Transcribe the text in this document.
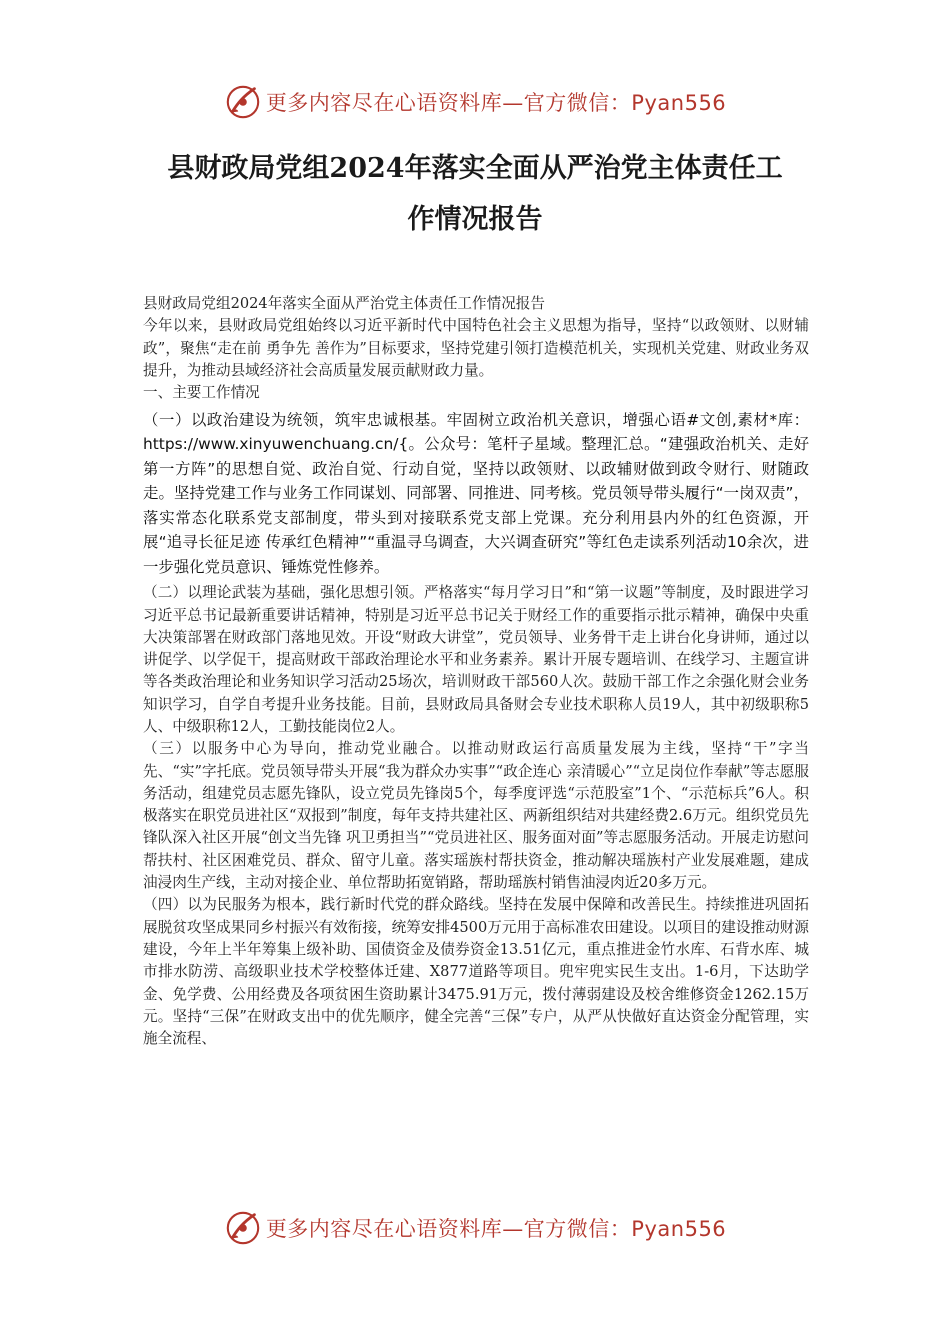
更多内容尽在心语资料库—官方微信：Pyan556
县财政局党组2024年落实全面从严治党主体责任工
作情况报告

县财政局党组2024年落实全面从严治党主体责任工作情况报告

今年以来，县财政局党组始终以习近平新时代中国特色社会主义思想为指导，坚持“以政领财、以财辅政”，聚焦“走在前 勇争先 善作为”目标要求，坚持党建引领打造模范机关，实现机关党建、财政业务双提升，为推动县域经济社会高质量发展贡献财政力量。

一、主要工作情况

（一）以政治建设为统领，筑牢忠诚根基。牢固树立政治机关意识，增强心语#文创,素材*库：https://www.xinyuwenchuang.cn/{。公众号：笔杆子星域。整理汇总。“建强政治机关、走好第一方阵”的思想自觉、政治自觉、行动自觉，坚持以政领财、以政辅财做到政令财行、财随政走。坚持党建工作与业务工作同谋划、同部署、同推进、同考核。党员领导带头履行“一岗双责”，落实常态化联系党支部制度，带头到对接联系党支部上党课。充分利用县内外的红色资源，开展“追寻长征足迹 传承红色精神”“重温寻乌调查，大兴调查研究”等红色走读系列活动10余次，进一步强化党员意识、锤炼党性修养。

（二）以理论武装为基础，强化思想引领。严格落实“每月学习日”和“第一议题”等制度，及时跟进学习习近平总书记最新重要讲话精神，特别是习近平总书记关于财经工作的重要指示批示精神，确保中央重大决策部署在财政部门落地见效。开设“财政大讲堂”，党员领导、业务骨干走上讲台化身讲师，通过以讲促学、以学促干，提高财政干部政治理论水平和业务素养。累计开展专题培训、在线学习、主题宣讲等各类政治理论和业务知识学习活动25场次，培训财政干部560人次。鼓励干部工作之余强化财会业务知识学习，自学自考提升业务技能。目前，县财政局具备财会专业技术职称人员19人，其中初级职称5人、中级职称12人，工勤技能岗位2人。

（三）以服务中心为导向，推动党业融合。以推动财政运行高质量发展为主线，坚持“干”字当先、“实”字托底。党员领导带头开展“我为群众办实事”“政企连心 亲清暖心”“立足岗位作奉献”等志愿服务活动，组建党员志愿先锋队，设立党员先锋岗5个，每季度评选“示范股室”1个、“示范标兵”6人。积极落实在职党员进社区“双报到”制度，每年支持共建社区、两新组织结对共建经费2.6万元。组织党员先锋队深入社区开展“创文当先锋 巩卫勇担当”“党员进社区、服务面对面”等志愿服务活动。开展走访慰问帮扶村、社区困难党员、群众、留守儿童。落实瑶族村帮扶资金，推动解决瑶族村产业发展难题，建成油浸肉生产线，主动对接企业、单位帮助拓宽销路，帮助瑶族村销售油浸肉近20多万元。

（四）以为民服务为根本，践行新时代党的群众路线。坚持在发展中保障和改善民生。持续推进巩固拓展脱贫攻坚成果同乡村振兴有效衔接，统筹安排4500万元用于高标准农田建设。以项目的建设推动财源建设，今年上半年筹集上级补助、国债资金及债券资金13.51亿元，重点推进金竹水库、石背水库、城市排水防涝、高级职业技术学校整体迁建、X877道路等项目。兜牢兜实民生支出。1-6月，下达助学金、免学费、公用经费及各项贫困生资助累计3475.91万元，拨付薄弱建设及校舍维修资金1262.15万元。坚持“三保”在财政支出中的优先顺序，健全完善“三保”专户，从严从快做好直达资金分配管理，实施全流程、

更多内容尽在心语资料库—官方微信：Pyan556
